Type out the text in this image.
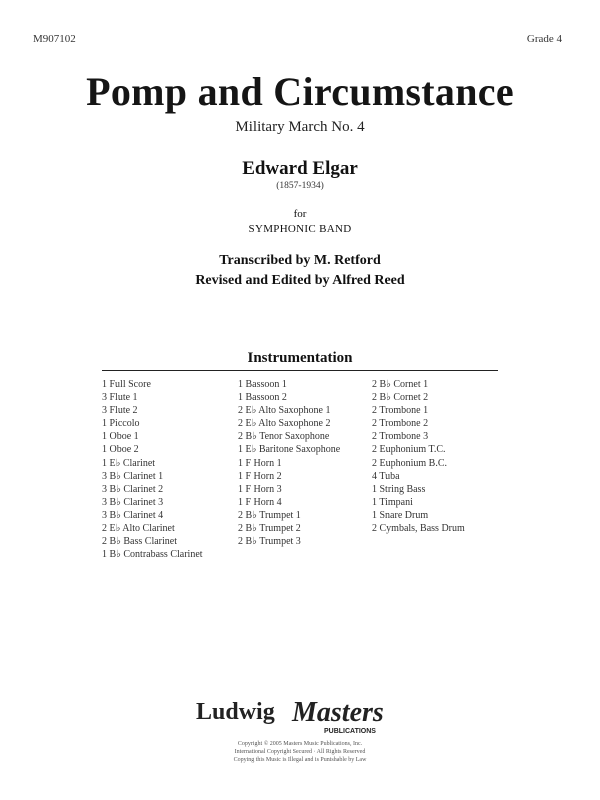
M907102	Grade 4
Pomp and Circumstance
Military March No. 4
Edward Elgar
(1857-1934)
for
SYMPHONIC BAND
Transcribed by M. Retford
Revised and Edited by Alfred Reed
Instrumentation
1 Full Score
3 Flute 1
3 Flute 2
1 Piccolo
1 Oboe 1
1 Oboe 2
1 E♭ Clarinet
3 B♭ Clarinet 1
3 B♭ Clarinet 2
3 B♭ Clarinet 3
3 B♭ Clarinet 4
2 E♭ Alto Clarinet
2 B♭ Bass Clarinet
1 B♭ Contrabass Clarinet
1 Bassoon 1
1 Bassoon 2
2 E♭ Alto Saxophone 1
2 E♭ Alto Saxophone 2
2 B♭ Tenor Saxophone
1 E♭ Baritone Saxophone
1 F Horn 1
1 F Horn 2
1 F Horn 3
1 F Horn 4
2 B♭ Trumpet 1
2 B♭ Trumpet 2
2 B♭ Trumpet 3
2 B♭ Cornet 1
2 B♭ Cornet 2
2 Trombone 1
2 Trombone 2
2 Trombone 3
2 Euphonium T.C.
2 Euphonium B.C.
4 Tuba
1 String Bass
1 Timpani
1 Snare Drum
2 Cymbals, Bass Drum
Ludwig Masters
PUBLICATIONS
Copyright © 2005 Masters Music Publications, Inc.
International Copyright Secured · All Rights Reserved
Copying this Music is Illegal and is Punishable by Law
